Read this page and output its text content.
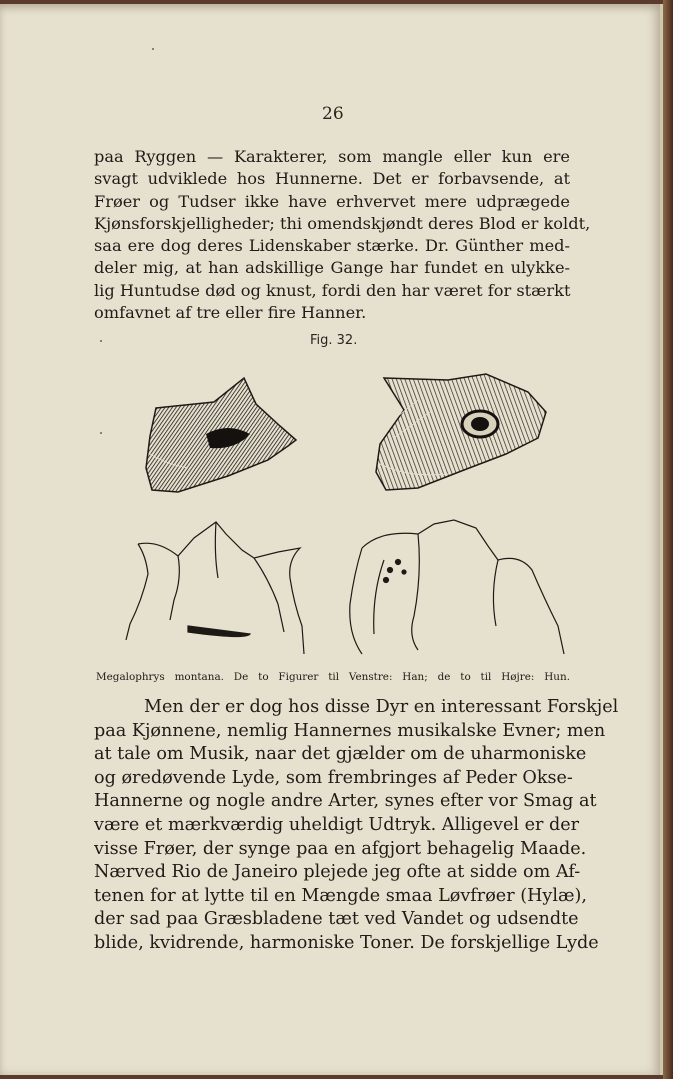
26
paa Ryggen — Karakterer, som mangle eller kun ere
svagt udviklede hos Hunnerne. Det er forbavsende, at
Frøer og Tudser ikke have erhvervet mere udprægede
Kjønsforskjelligheder; thi omendskjøndt deres Blod er koldt,
saa ere dog deres Lidenskaber stærke. Dr. Günther med-
deler mig, at han adskillige Gange har fundet en ulykke-
lig Huntudse død og knust, fordi den har været for stærkt
omfavnet af tre eller fire Hanner.
Fig. 32.
Megalophrys montana. De to Figurer til Venstre: Han; de to til Højre: Hun.
Men der er dog hos disse Dyr en interessant Forskjel
paa Kjønnene, nemlig Hannernes musikalske Evner; men
at tale om Musik, naar det gjælder om de uharmoniske
og øredøvende Lyde, som frembringes af Peder Okse-
Hannerne og nogle andre Arter, synes efter vor Smag at
være et mærkværdig uheldigt Udtryk. Alligevel er der
visse Frøer, der synge paa en afgjort behagelig Maade.
Nærved Rio de Janeiro plejede jeg ofte at sidde om Af-
tenen for at lytte til en Mængde smaa Løvfrøer (Hylæ),
der sad paa Græsbladene tæt ved Vandet og udsendte
blide, kvidrende, harmoniske Toner. De forskjellige Lyde
